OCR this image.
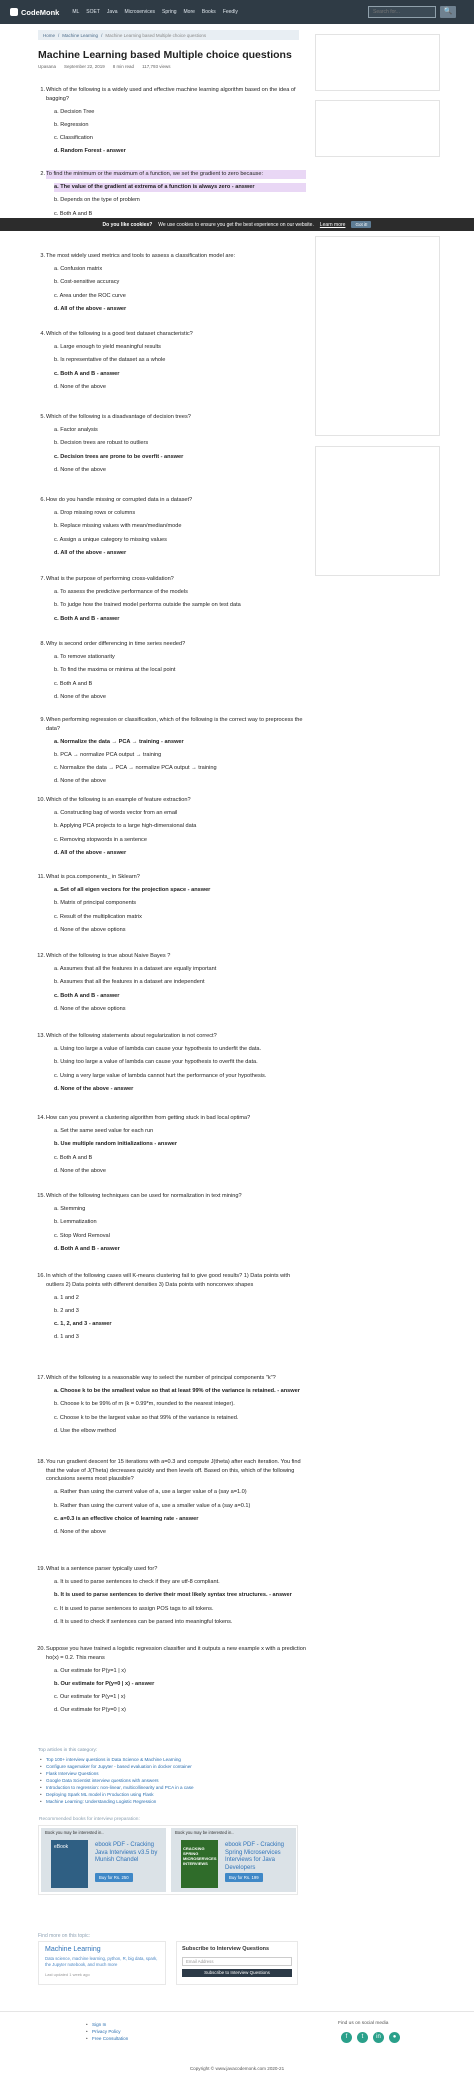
CodeMonk	ML SOET Java Microservices Spring More Books Feedly
Search for...	🔍
Home / Machine Learning / Machine Learning based Multiple choice questions
Machine Learning based Multiple choice questions
Upasana September 22, 2019 8 min read 117,793 views
1. Which of the following is a widely used and effective machine learning algorithm based on the idea of bagging?
a. Decision Tree
b. Regression
c. Classification
d. Random Forest - answer
2. To find the minimum or the maximum of a function, we set the gradient to zero because:
a. The value of the gradient at extrema of a function is always zero - answer
b. Depends on the type of problem
c. Both A and B
3. The most widely used metrics and tools to assess a classification model are:
a. Confusion matrix
b. Cost-sensitive accuracy
c. Area under the ROC curve
d. All of the above - answer
4. Which of the following is a good test dataset characteristic?
a. Large enough to yield meaningful results
b. Is representative of the dataset as a whole
c. Both A and B - answer
d. None of the above
5. Which of the following is a disadvantage of decision trees?
a. Factor analysis
b. Decision trees are robust to outliers
c. Decision trees are prone to be overfit - answer
d. None of the above
6. How do you handle missing or corrupted data in a dataset?
a. Drop missing rows or columns
b. Replace missing values with mean/median/mode
c. Assign a unique category to missing values
d. All of the above - answer
7. What is the purpose of performing cross-validation?
a. To assess the predictive performance of the models
b. To judge how the trained model performs outside the sample on test data
c. Both A and B - answer
8. Why is second order differencing in time series needed?
a. To remove stationarity
b. To find the maxima or minima at the local point
c. Both A and B
d. None of the above
9. When performing regression or classification, which of the following is the correct way to preprocess the data?
a. Normalize the data → PCA → training - answer
b. PCA → normalize PCA output → training
c. Normalize the data → PCA → normalize PCA output → training
d. None of the above
10. Which of the following is an example of feature extraction?
a. Constructing bag of words vector from an email
b. Applying PCA projects to a large high-dimensional data
c. Removing stopwords in a sentence
d. All of the above - answer
11. What is pca.components_ in Sklearn?
a. Set of all eigen vectors for the projection space - answer
b. Matrix of principal components
c. Result of the multiplication matrix
d. None of the above options
12. Which of the following is true about Naive Bayes ?
a. Assumes that all the features in a dataset are equally important
b. Assumes that all the features in a dataset are independent
c. Both A and B - answer
d. None of the above options
13. Which of the following statements about regularization is not correct?
a. Using too large a value of lambda can cause your hypothesis to underfit the data.
b. Using too large a value of lambda can cause your hypothesis to overfit the data.
c. Using a very large value of lambda cannot hurt the performance of your hypothesis.
d. None of the above - answer
14. How can you prevent a clustering algorithm from getting stuck in bad local optima?
a. Set the same seed value for each run
b. Use multiple random initializations - answer
c. Both A and B
d. None of the above
15. Which of the following techniques can be used for normalization in text mining?
a. Stemming
b. Lemmatization
c. Stop Word Removal
d. Both A and B - answer
16. In which of the following cases will K-means clustering fail to give good results? 1) Data points with outliers 2) Data points with different densities 3) Data points with nonconvex shapes
a. 1 and 2
b. 2 and 3
c. 1, 2, and 3 - answer
d. 1 and 3
17. Which of the following is a reasonable way to select the number of principal components "k"?
a. Choose k to be the smallest value so that at least 99% of the variance is retained. - answer
b. Choose k to be 99% of m (k = 0.99*m, rounded to the nearest integer).
c. Choose k to be the largest value so that 99% of the variance is retained.
d. Use the elbow method
18. You run gradient descent for 15 iterations with a=0.3 and compute J(theta) after each iteration. You find that the value of J(Theta) decreases quickly and then levels off. Based on this, which of the following conclusions seems most plausible?
a. Rather than using the current value of a, use a larger value of a (say a=1.0)
b. Rather than using the current value of a, use a smaller value of a (say a=0.1)
c. a=0.3 is an effective choice of learning rate - answer
d. None of the above
19. What is a sentence parser typically used for?
a. It is used to parse sentences to check if they are utf-8 compliant.
b. It is used to parse sentences to derive their most likely syntax tree structures. - answer
c. It is used to parse sentences to assign POS tags to all tokens.
d. It is used to check if sentences can be parsed into meaningful tokens.
20. Suppose you have trained a logistic regression classifier and it outputs a new example x with a prediction ho(x) = 0.2. This means
a. Our estimate for P(y=1 | x)
b. Our estimate for P(y=0 | x) - answer
c. Our estimate for P(y=1 | x)
d. Our estimate for P(y=0 | x)
Do you like cookies? We use cookies to ensure you get the best experience on our website. Learn more	Got it!
Top articles in this category:
• Top 100+ interview questions in Data Science & Machine Learning
• Configure sagemaker for Jupyter - based evaluation in docker container
• Flask Interview Questions
• Google Data Scientist interview questions with answers
• Introduction to regression: non-linear, multicollinearity and PCA in a case
• Deploying Spark ML model in Production using Flask
• Machine Learning: Understanding Logistic Regression
Recommended books for interview preparation:
Book you may be interested in..
eBook	ebook PDF - Cracking Java Interviews v3.5 by Munish Chandel
Buy for Rs. 250
Book you may be interested in..
CRACKING SPRING MICROSERVICES INTERVIEWS
ebook PDF - Cracking Spring Microservices Interviews for Java Developers
Buy for Rs. 199
Find more on this topic:
Machine Learning
Data science, machine learning, python, R, big data, spark, the Jupyter notebook, and much more
Last updated 1 week ago
Subscribe to Interview Questions
Email Address
Subscribe to Interview Questions
• Sign In
• Privacy Policy
• Free Consultation
Find us on social media
f	t	in	●
Copyright © www.javacodemonk.com 2020-21
